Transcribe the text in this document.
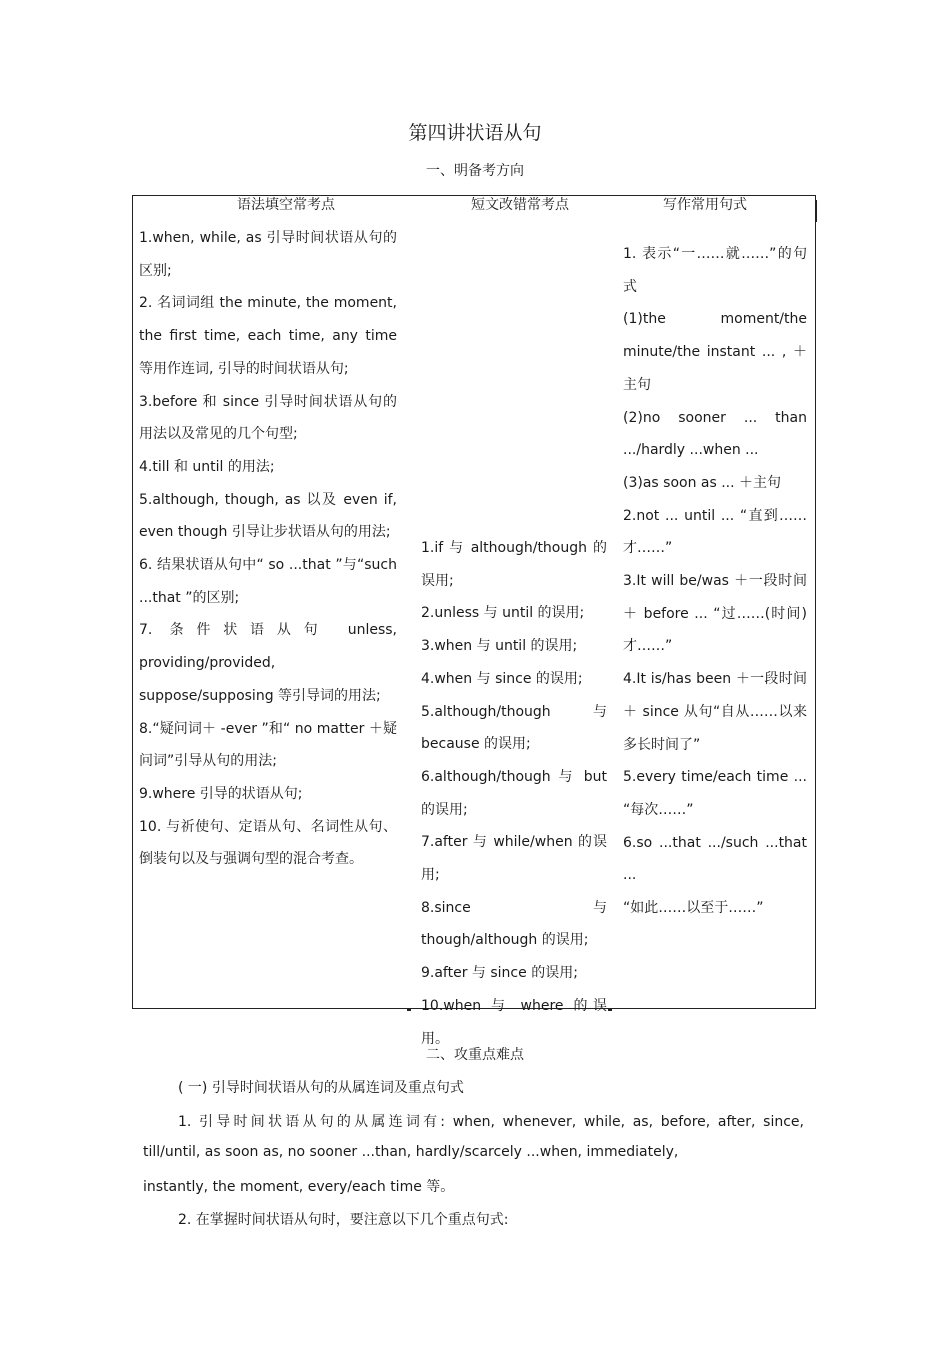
第四讲状语从句
一、明备考方向
语法填空常考点
1.when, while, as 引导时间状语从句的区别;
2. 名词词组 the minute, the moment, the first time, each time, any time 等用作连词, 引导的时间状语从句;
3.before 和 since 引导时间状语从句的用法以及常见的几个句型;
4.till 和 until 的用法;
5.although, though, as 以及 even if, even though 引导让步状语从句的用法;
6. 结果状语从句中“ so ...that ”与“such ...that ”的区别;
7. 条件状语从句 unless, providing/provided, suppose/supposing 等引导词的用法;
8.“疑问词＋ -ever ”和“ no matter ＋疑问词”引导从句的用法;
9.where 引导的状语从句;
10. 与祈使句、定语从句、名词性从句、倒装句以及与强调句型的混合考查。
短文改错常考点
1.if 与 although/though 的误用;
2.unless 与 until 的误用;
3.when 与 until 的误用;
4.when 与 since 的误用;
5.although/though 与 because 的误用;
6.although/though 与 but 的误用;
7.after 与 while/when 的误用;
8.since 与 though/although 的误用;
9.after 与 since 的误用;
10.when 与 where 的误用。
写作常用句式
1. 表示“一……就……”的句式
(1)the moment/the minute/the instant ... , ＋主句
(2)no sooner ... than .../hardly ...when ...
(3)as soon as ... ＋主句
2.not ... until ... “直到……才……”
3.It will be/was ＋一段时间＋ before ... “过……(时间) 才……”
4.It is/has been ＋一段时间＋ since 从句“自从……以来多长时间了”
5.every time/each time ... “每次……”
6.so ...that .../such ...that ...
“如此……以至于……”
二、攻重点难点
( 一) 引导时间状语从句的从属连词及重点句式
1. 引导时间状语从句的从属连词有: when, whenever, while, as, before, after, since,
till/until, as soon as, no sooner ...than, hardly/scarcely ...when, immediately,
instantly, the moment, every/each time 等。
2. 在掌握时间状语从句时，要注意以下几个重点句式:
